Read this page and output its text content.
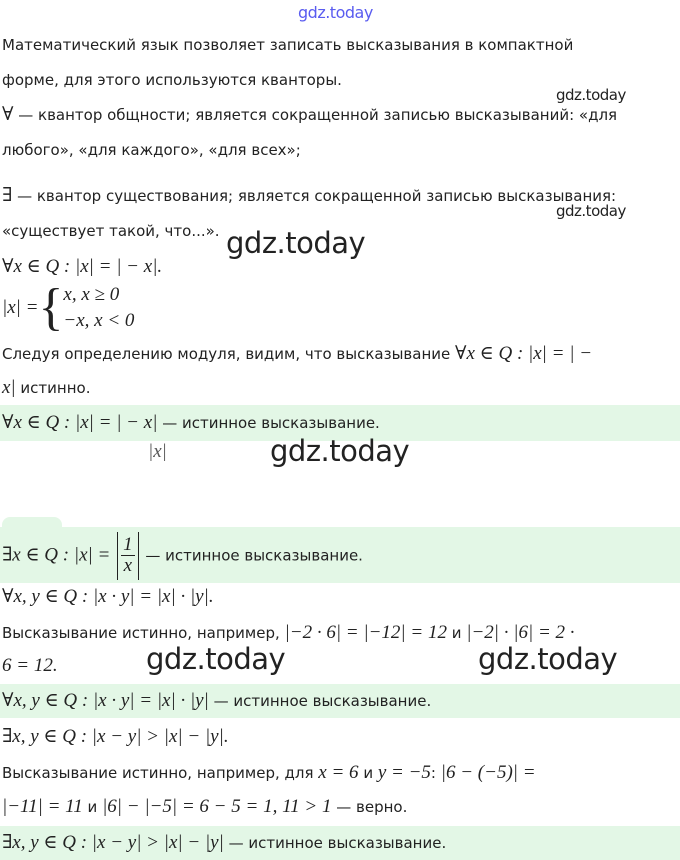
gdz.today
gdz.today
gdz.today
gdz.today
Математический язык позволяет записать высказывания в компактной
форме, для этого используются кванторы.
∀ — квантор общности; является сокращенной записью высказываний: «для
любого», «для каждого», «для всех»;
∃ — квантор существования; является сокращенной записью высказывания:
«существует такой, что...».
∀x ∈ Q : |x| = | − x|.
|x| ={ x, x ≥ 0
−x, x < 0
Следуя определению модуля, видим, что высказывание ∀x ∈ Q : |x| = | −
x| истинно.
∀x ∈ Q : |x| = | − x| — истинное высказывание.
|x|	gdz.today
∃x ∈ Q : $|x| = \frac{1}{x}$ — истинное высказывание.
∀x, y ∈ Q : |x · y| = |x| · |y|.
Высказывание истинно, например, |−2 · 6| = |−12| = 12 и |−2| · |6| = 2 ·
6 = 12.	gdz.today	gdz.today
∀x, y ∈ Q : |x · y| = |x| · |y| — истинное высказывание.
∃x, y ∈ Q : |x − y| > |x| − |y|.
Высказывание истинно, например, для x = 6 и y = −5: |6 − (−5)| =
|−11| = 11 и |6| − |−5| = 6 − 5 = 1, 11 > 1 — верно.
∃x, y ∈ Q : |x − y| > |x| − |y| — истинное высказывание.
